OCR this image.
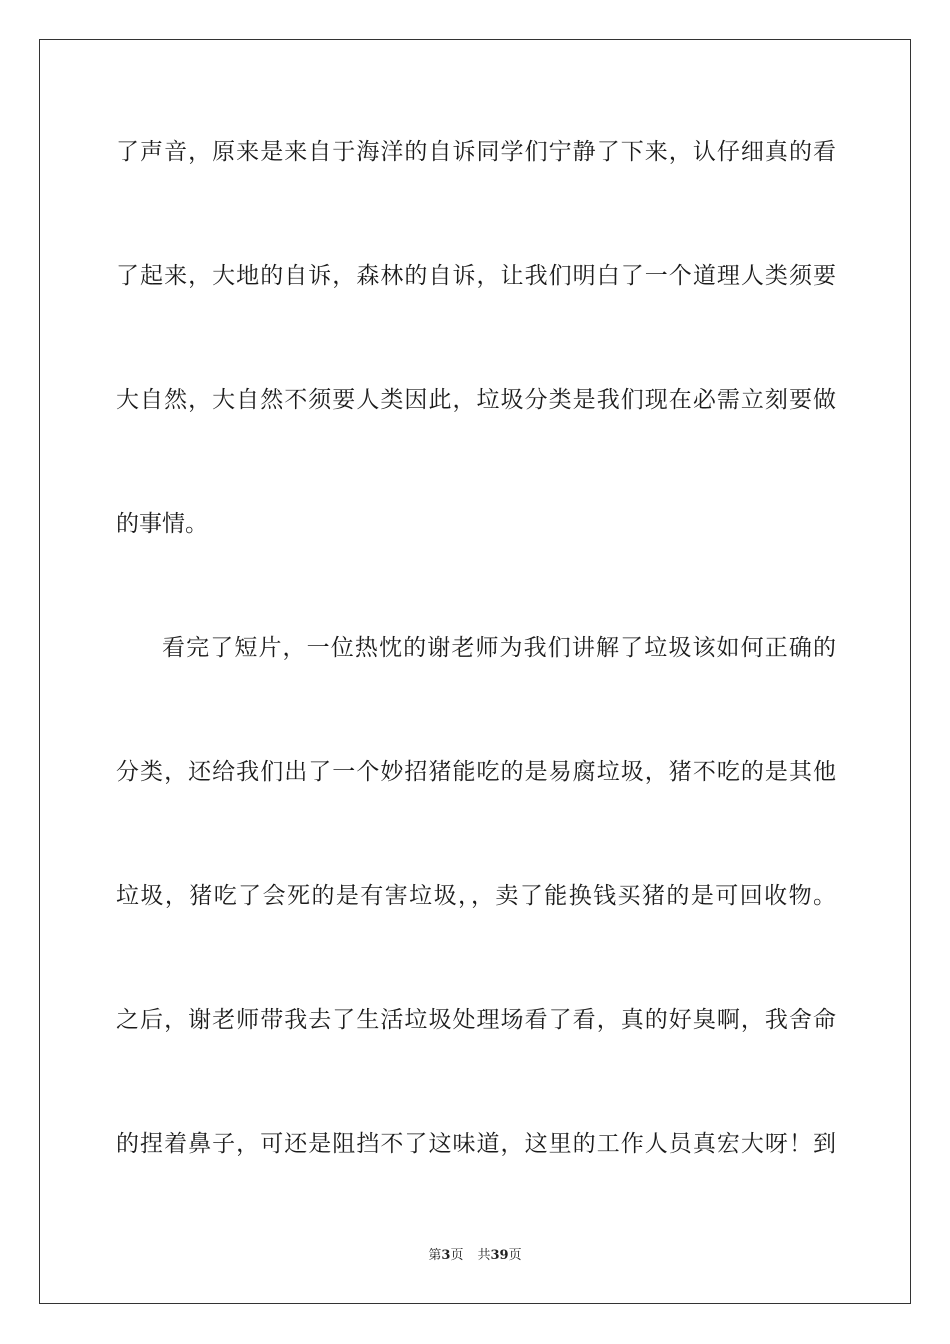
了声音，原来是来自于海洋的自诉同学们宁静了下来，认仔细真的看
了起来，大地的自诉，森林的自诉，让我们明白了一个道理人类须要
大自然，大自然不须要人类因此，垃圾分类是我们现在必需立刻要做
的事情。
看完了短片，一位热忱的谢老师为我们讲解了垃圾该如何正确的
分类，还给我们出了一个妙招猪能吃的是易腐垃圾，猪不吃的是其他
垃圾，猪吃了会死的是有害垃圾，，卖了能换钱买猪的是可回收物。
之后，谢老师带我去了生活垃圾处理场看了看，真的好臭啊，我舍命
的捏着鼻子，可还是阻挡不了这味道，这里的工作人员真宏大呀！到
第3页 共39页
